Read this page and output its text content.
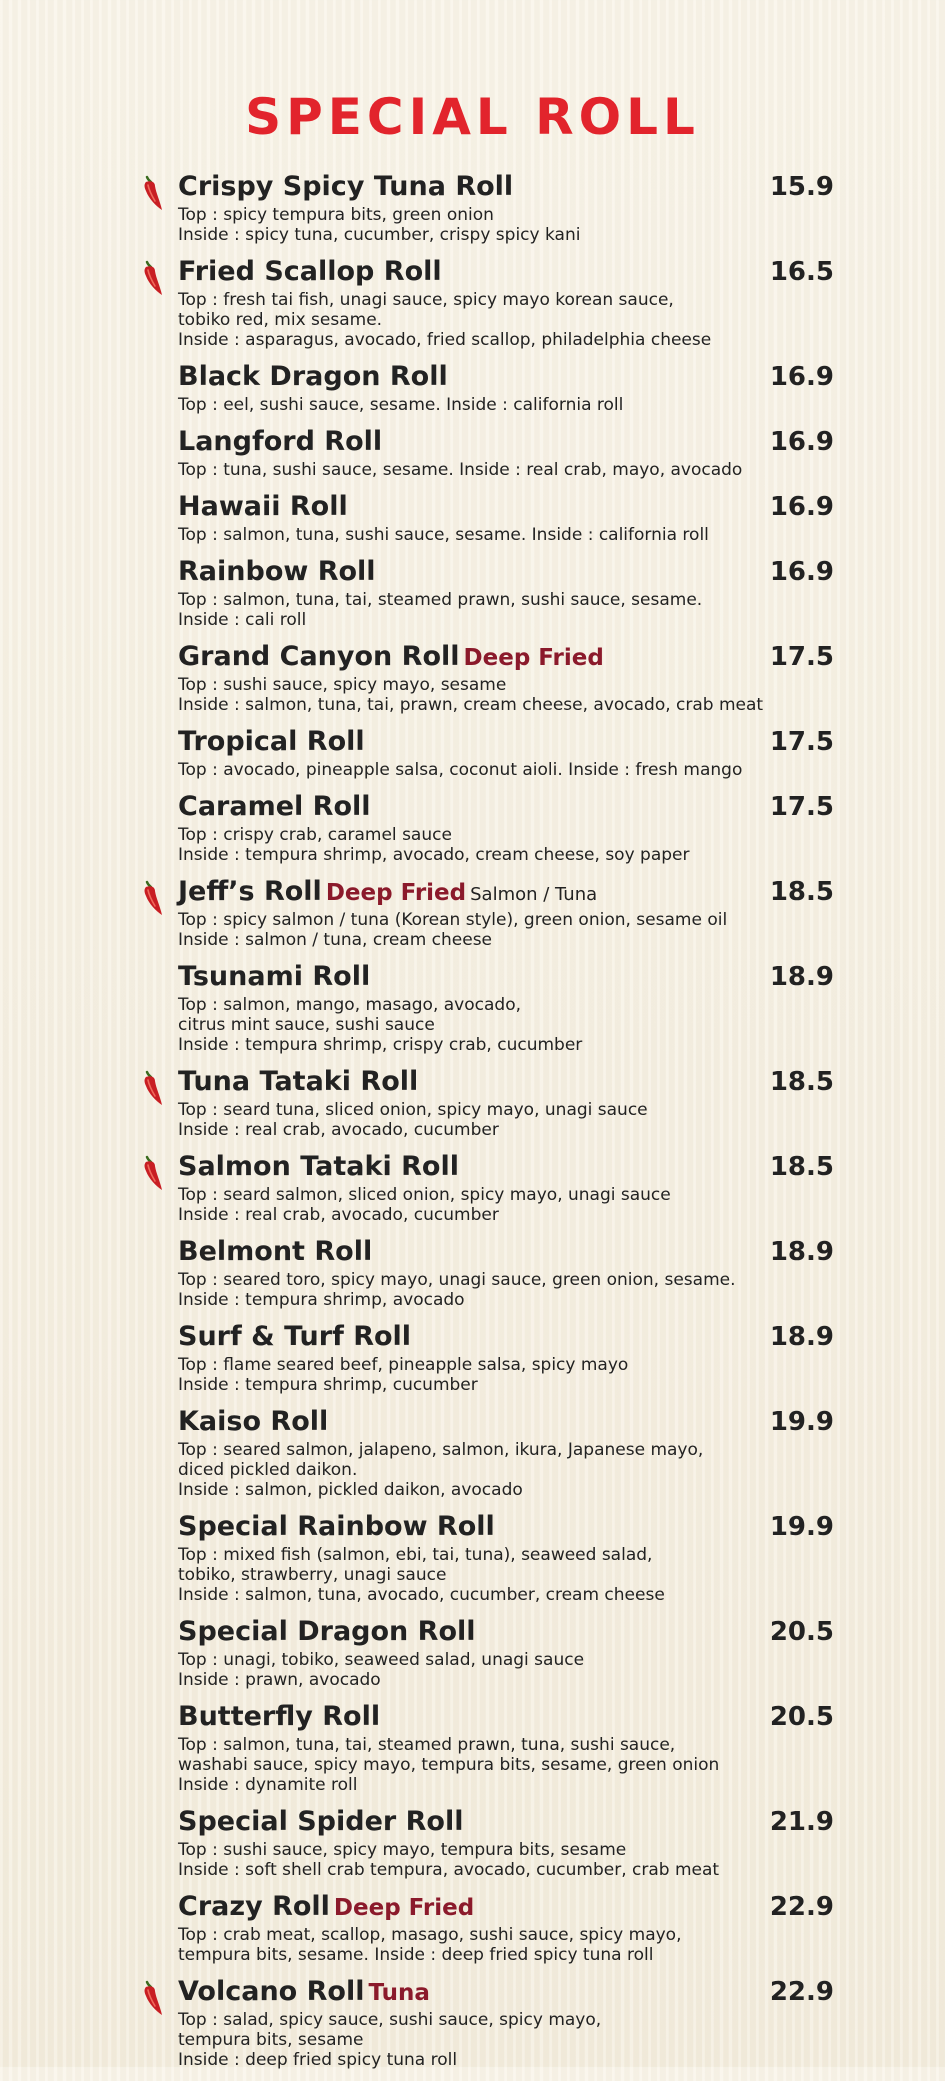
SPECIAL ROLL
Crispy Spicy Tuna Roll	15.9
Top : spicy tempura bits, green onion
Inside : spicy tuna, cucumber, crispy spicy kani
Fried Scallop Roll	16.5
Top : fresh tai fish, unagi sauce, spicy mayo korean sauce,
tobiko red, mix sesame.
Inside : asparagus, avocado, fried scallop, philadelphia cheese
Black Dragon Roll	16.9
Top : eel, sushi sauce, sesame. Inside : california roll
Langford Roll	16.9
Top : tuna, sushi sauce, sesame. Inside : real crab, mayo, avocado
Hawaii Roll	16.9
Top : salmon, tuna, sushi sauce, sesame. Inside : california roll
Rainbow Roll	16.9
Top : salmon, tuna, tai, steamed prawn, sushi sauce, sesame.
Inside : cali roll
Grand Canyon Roll Deep Fried	17.5
Top : sushi sauce, spicy mayo, sesame
Inside : salmon, tuna, tai, prawn, cream cheese, avocado, crab meat
Tropical Roll	17.5
Top : avocado, pineapple salsa, coconut aioli. Inside : fresh mango
Caramel Roll	17.5
Top : crispy crab, caramel sauce
Inside : tempura shrimp, avocado, cream cheese, soy paper
Jeff’s Roll Deep Fried Salmon / Tuna	18.5
Top : spicy salmon / tuna (Korean style), green onion, sesame oil
Inside : salmon / tuna, cream cheese
Tsunami Roll	18.9
Top : salmon, mango, masago, avocado,
citrus mint sauce, sushi sauce
Inside : tempura shrimp, crispy crab, cucumber
Tuna Tataki Roll	18.5
Top : seard tuna, sliced onion, spicy mayo, unagi sauce
Inside : real crab, avocado, cucumber
Salmon Tataki Roll	18.5
Top : seard salmon, sliced onion, spicy mayo, unagi sauce
Inside : real crab, avocado, cucumber
Belmont Roll	18.9
Top : seared toro, spicy mayo, unagi sauce, green onion, sesame.
Inside : tempura shrimp, avocado
Surf & Turf Roll	18.9
Top : flame seared beef, pineapple salsa, spicy mayo
Inside : tempura shrimp, cucumber
Kaiso Roll	19.9
Top : seared salmon, jalapeno, salmon, ikura, Japanese mayo,
diced pickled daikon.
Inside : salmon, pickled daikon, avocado
Special Rainbow Roll	19.9
Top : mixed fish (salmon, ebi, tai, tuna), seaweed salad,
tobiko, strawberry, unagi sauce
Inside : salmon, tuna, avocado, cucumber, cream cheese
Special Dragon Roll	20.5
Top : unagi, tobiko, seaweed salad, unagi sauce
Inside : prawn, avocado
Butterfly Roll	20.5
Top : salmon, tuna, tai, steamed prawn, tuna, sushi sauce,
washabi sauce, spicy mayo, tempura bits, sesame, green onion
Inside : dynamite roll
Special Spider Roll	21.9
Top : sushi sauce, spicy mayo, tempura bits, sesame
Inside : soft shell crab tempura, avocado, cucumber, crab meat
Crazy Roll Deep Fried	22.9
Top : crab meat, scallop, masago, sushi sauce, spicy mayo,
tempura bits, sesame. Inside : deep fried spicy tuna roll
Volcano Roll Tuna	22.9
Top : salad, spicy sauce, sushi sauce, spicy mayo,
tempura bits, sesame
Inside : deep fried spicy tuna roll
